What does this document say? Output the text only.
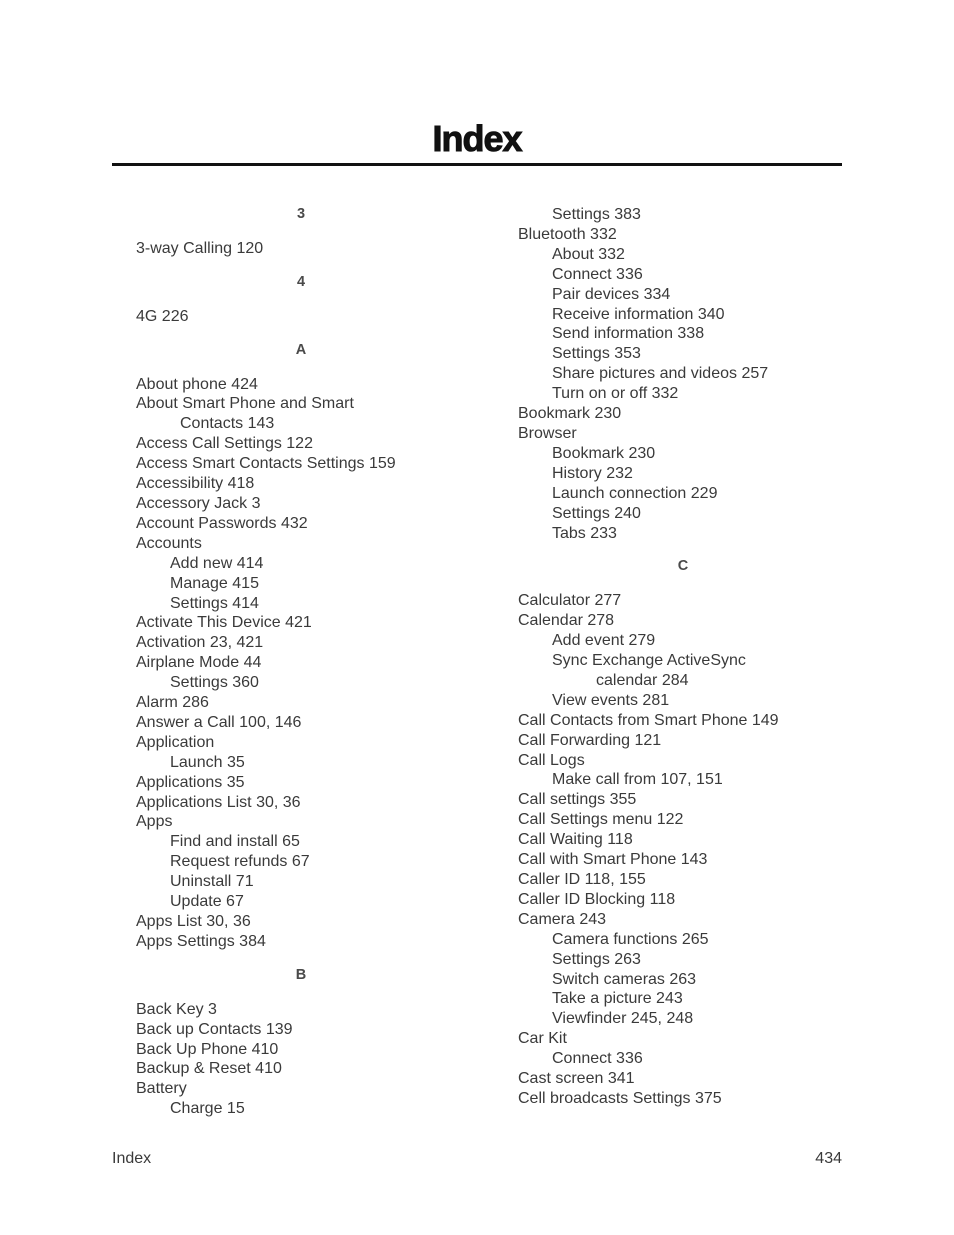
Index
3
3-way Calling 120
4
4G 226
A
About phone 424
About Smart Phone and Smart
Contacts 143
Access Call Settings 122
Access Smart Contacts Settings 159
Accessibility 418
Accessory Jack 3
Account Passwords 432
Accounts
Add new 414
Manage 415
Settings 414
Activate This Device 421
Activation 23, 421
Airplane Mode 44
Settings 360
Alarm 286
Answer a Call 100, 146
Application
Launch 35
Applications 35
Applications List 30, 36
Apps
Find and install 65
Request refunds 67
Uninstall 71
Update 67
Apps List 30, 36
Apps Settings 384
B
Back Key 3
Back up Contacts 139
Back Up Phone 410
Backup & Reset 410
Battery
Charge 15
Settings 383
Bluetooth 332
About 332
Connect 336
Pair devices 334
Receive information 340
Send information 338
Settings 353
Share pictures and videos 257
Turn on or off 332
Bookmark 230
Browser
Bookmark 230
History 232
Launch connection 229
Settings 240
Tabs 233
C
Calculator 277
Calendar 278
Add event 279
Sync Exchange ActiveSync
calendar 284
View events 281
Call Contacts from Smart Phone 149
Call Forwarding 121
Call Logs
Make call from 107, 151
Call settings 355
Call Settings menu 122
Call Waiting 118
Call with Smart Phone 143
Caller ID 118, 155
Caller ID Blocking 118
Camera 243
Camera functions 265
Settings 263
Switch cameras 263
Take a picture 243
Viewfinder 245, 248
Car Kit
Connect 336
Cast screen 341
Cell broadcasts Settings 375
Index	434
